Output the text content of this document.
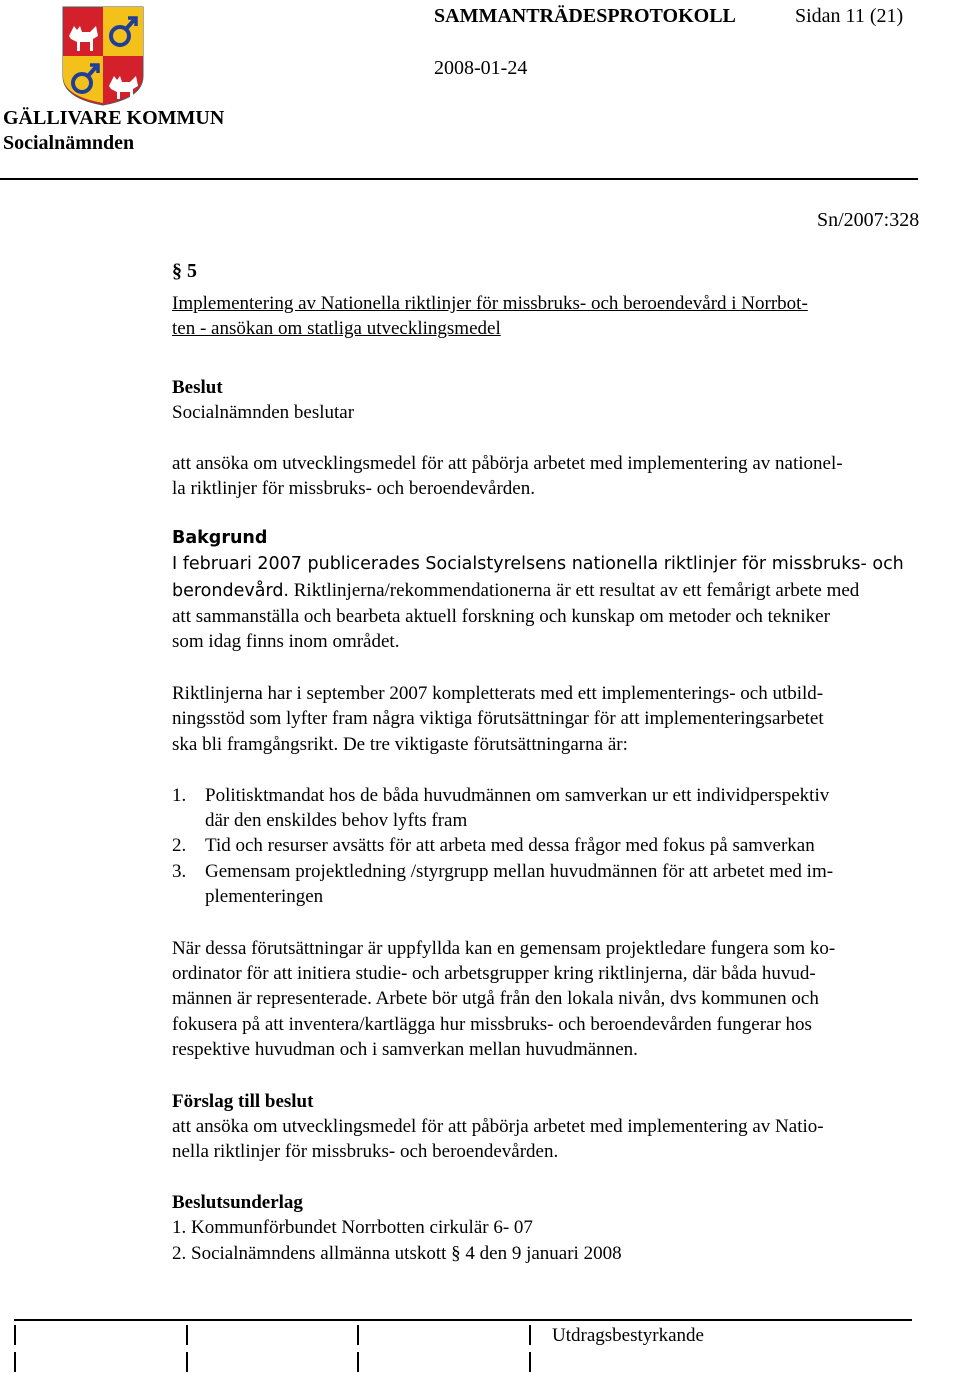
SAMMANTRÄDESPROTOKOLL	Sidan 11 (21)
2008-01-24
GÄLLIVARE KOMMUN
Socialnämnden
Sn/2007:328
§ 5
Implementering av Nationella riktlinjer för missbruks- och beroendevård i Norrbot-
ten - ansökan om statliga utvecklingsmedel
Beslut
Socialnämnden beslutar
att ansöka om utvecklingsmedel för att påbörja arbetet med implementering av nationel-
la riktlinjer för missbruks- och beroendevården.
Bakgrund
I februari 2007 publicerades Socialstyrelsens nationella riktlinjer för missbruks- och
berondevård. Riktlinjerna/rekommendationerna är ett resultat av ett femårigt arbete med
att sammanställa och bearbeta aktuell forskning och kunskap om metoder och tekniker
som idag finns inom området.
Riktlinjerna har i september 2007 kompletterats med ett implementerings- och utbild-
ningsstöd som lyfter fram några viktiga förutsättningar för att implementeringsarbetet
ska bli framgångsrikt. De tre viktigaste förutsättningarna är:
1. Politisktmandat hos de båda huvudmännen om samverkan ur ett individperspektiv
där den enskildes behov lyfts fram
2. Tid och resurser avsätts för att arbeta med dessa frågor med fokus på samverkan
3. Gemensam projektledning /styrgrupp mellan huvudmännen för att arbetet med im-
plementeringen
När dessa förutsättningar är uppfyllda kan en gemensam projektledare fungera som ko-
ordinator för att initiera studie- och arbetsgrupper kring riktlinjerna, där båda huvud-
männen är representerade. Arbete bör utgå från den lokala nivån, dvs kommunen och
fokusera på att inventera/kartlägga hur missbruks- och beroendevården fungerar hos
respektive huvudman och i samverkan mellan huvudmännen.
Förslag till beslut
att ansöka om utvecklingsmedel för att påbörja arbetet med implementering av Natio-
nella riktlinjer för missbruks- och beroendevården.
Beslutsunderlag
1. Kommunförbundet Norrbotten cirkulär 6- 07
2. Socialnämndens allmänna utskott § 4 den 9 januari 2008
Utdragsbestyrkande
